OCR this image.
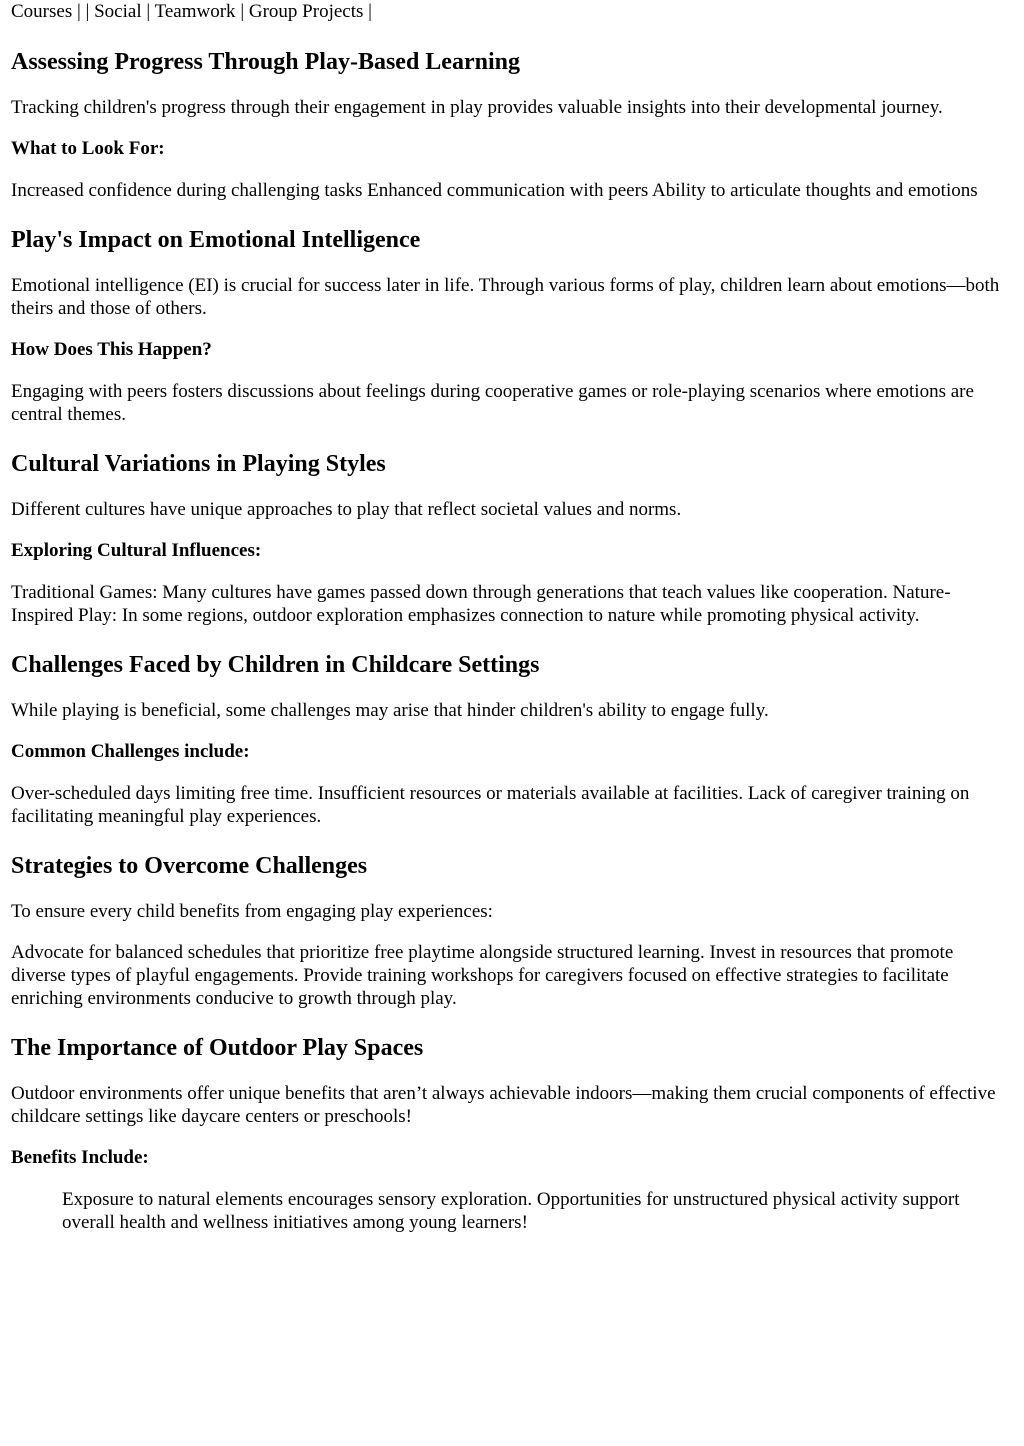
Courses | | Social | Teamwork | Group Projects |
Assessing Progress Through Play-Based Learning

Tracking children's progress through their engagement in play provides valuable insights into their developmental journey.

What to Look For:

Increased confidence during challenging tasks Enhanced communication with peers Ability to articulate thoughts and emotions

Play's Impact on Emotional Intelligence

Emotional intelligence (EI) is crucial for success later in life. Through various forms of play, children learn about emotions—both theirs and those of others.

How Does This Happen?

Engaging with peers fosters discussions about feelings during cooperative games or role-playing scenarios where emotions are central themes.

Cultural Variations in Playing Styles

Different cultures have unique approaches to play that reflect societal values and norms.

Exploring Cultural Influences:

Traditional Games: Many cultures have games passed down through generations that teach values like cooperation. Nature-Inspired Play: In some regions, outdoor exploration emphasizes connection to nature while promoting physical activity.

Challenges Faced by Children in Childcare Settings

While playing is beneficial, some challenges may arise that hinder children's ability to engage fully.

Common Challenges include:

Over-scheduled days limiting free time. Insufficient resources or materials available at facilities. Lack of caregiver training on facilitating meaningful play experiences.

Strategies to Overcome Challenges

To ensure every child benefits from engaging play experiences:

Advocate for balanced schedules that prioritize free playtime alongside structured learning. Invest in resources that promote diverse types of playful engagements. Provide training workshops for caregivers focused on effective strategies to facilitate enriching environments conducive to growth through play.

The Importance of Outdoor Play Spaces

Outdoor environments offer unique benefits that aren’t always achievable indoors—making them crucial components of effective childcare settings like daycare centers or preschools!

Benefits Include:
Exposure to natural elements encourages sensory exploration. Opportunities for unstructured physical activity support overall health and wellness initiatives among young learners!
